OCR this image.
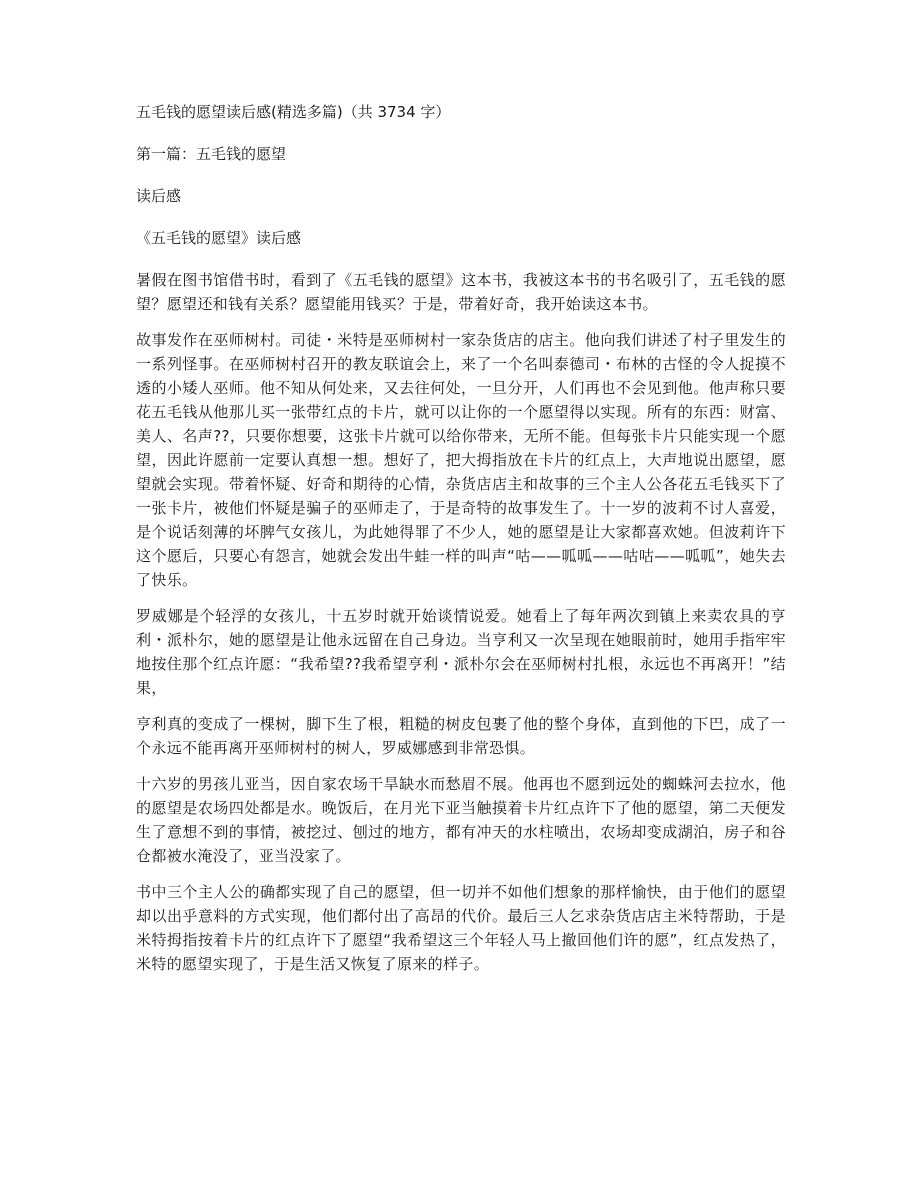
五毛钱的愿望读后感(精选多篇)（共 3734 字）

第一篇：五毛钱的愿望

读后感

《五毛钱的愿望》读后感

暑假在图书馆借书时，看到了《五毛钱的愿望》这本书，我被这本书的书名吸引了，五毛钱的愿望？愿望还和钱有关系？愿望能用钱买？于是，带着好奇，我开始读这本书。

故事发作在巫师树村。司徒・米特是巫师树村一家杂货店的店主。他向我们讲述了村子里发生的一系列怪事。在巫师树村召开的教友联谊会上，来了一个名叫泰德司・布林的古怪的令人捉摸不透的小矮人巫师。他不知从何处来，又去往何处，一旦分开，人们再也不会见到他。他声称只要花五毛钱从他那儿买一张带红点的卡片，就可以让你的一个愿望得以实现。所有的东西：财富、美人、名声??，只要你想要，这张卡片就可以给你带来，无所不能。但每张卡片只能实现一个愿望，因此许愿前一定要认真想一想。想好了，把大拇指放在卡片的红点上，大声地说出愿望，愿望就会实现。带着怀疑、好奇和期待的心情，杂货店店主和故事的三个主人公各花五毛钱买下了一张卡片，被他们怀疑是骗子的巫师走了，于是奇特的故事发生了。十一岁的波莉不讨人喜爱，是个说话刻薄的坏脾气女孩儿，为此她得罪了不少人，她的愿望是让大家都喜欢她。但波莉许下这个愿后，只要心有怨言，她就会发出牛蛙一样的叫声“咕——呱呱——咕咕——呱呱”，她失去了快乐。

罗威娜是个轻浮的女孩儿，十五岁时就开始谈情说爱。她看上了每年两次到镇上来卖农具的亨利・派朴尔，她的愿望是让他永远留在自己身边。当亨利又一次呈现在她眼前时，她用手指牢牢地按住那个红点许愿：“我希望??我希望亨利・派朴尔会在巫师树村扎根，永远也不再离开！”结果，

亨利真的变成了一棵树，脚下生了根，粗糙的树皮包裹了他的整个身体，直到他的下巴，成了一个永远不能再离开巫师树村的树人，罗威娜感到非常恐惧。

十六岁的男孩儿亚当，因自家农场干旱缺水而愁眉不展。他再也不愿到远处的蜘蛛河去拉水，他的愿望是农场四处都是水。晚饭后，在月光下亚当触摸着卡片红点许下了他的愿望，第二天便发生了意想不到的事情，被挖过、刨过的地方，都有冲天的水柱喷出，农场却变成湖泊，房子和谷仓都被水淹没了，亚当没家了。

书中三个主人公的确都实现了自己的愿望，但一切并不如他们想象的那样愉快，由于他们的愿望却以出乎意料的方式实现，他们都付出了高昂的代价。最后三人乞求杂货店店主米特帮助，于是米特拇指按着卡片的红点许下了愿望“我希望这三个年轻人马上撤回他们许的愿”，红点发热了，米特的愿望实现了，于是生活又恢复了原来的样子。
